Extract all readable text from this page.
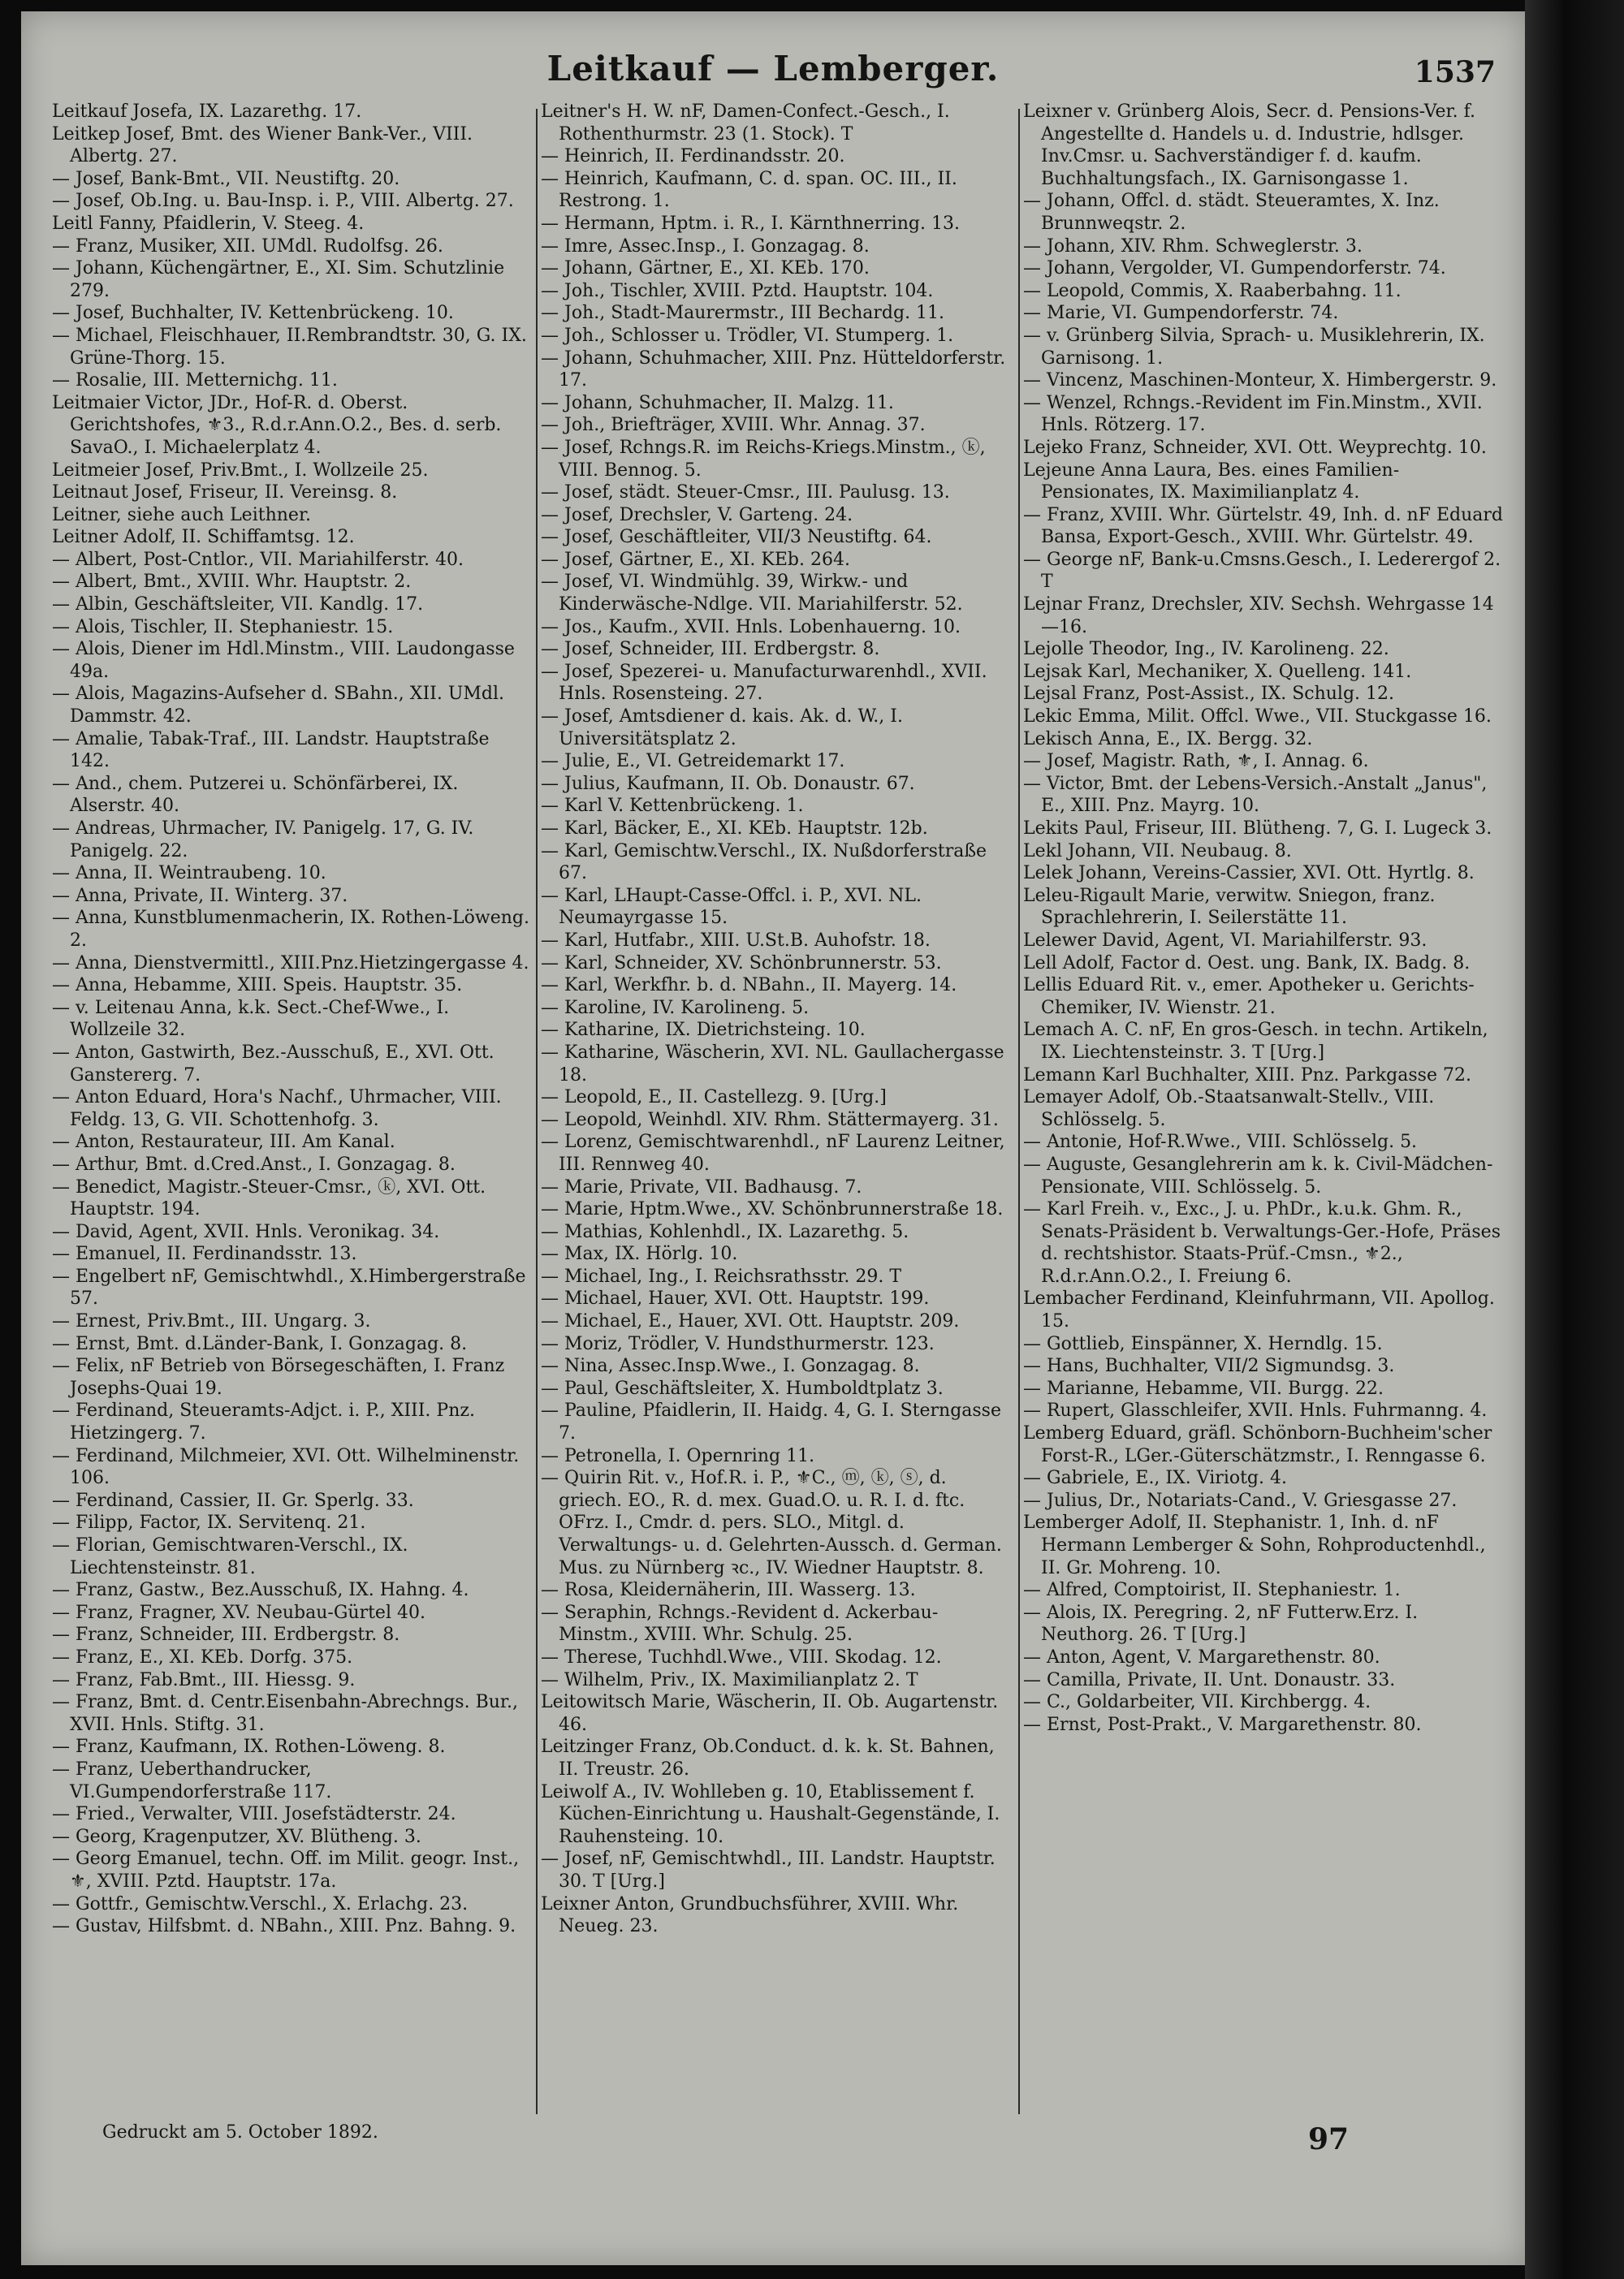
Leitkauf — Lemberger.	1537

Leitkauf Josefa, IX. Lazarethg. 17.

Leitkep Josef, Bmt. des Wiener Bank-Ver., VIII. Albertg. 27.

— Josef, Bank-Bmt., VII. Neustiftg. 20.

— Josef, Ob.Ing. u. Bau-Insp. i. P., VIII. Albertg. 27.

Leitl Fanny, Pfaidlerin, V. Steeg. 4.

— Franz, Musiker, XII. UMdl. Rudolfsg. 26.

— Johann, Küchengärtner, E., XI. Sim. Schutzlinie 279.

— Josef, Buchhalter, IV. Kettenbrückeng. 10.

— Michael, Fleischhauer, II.Rembrandtstr. 30, G. IX. Grüne-Thorg. 15.

— Rosalie, III. Metternichg. 11.

Leitmaier Victor, JDr., Hof-R. d. Oberst. Gerichtshofes, ⚜3., R.d.r.Ann.O.2., Bes. d. serb. SavaO., I. Michaelerplatz 4.

Leitmeier Josef, Priv.Bmt., I. Wollzeile 25.

Leitnaut Josef, Friseur, II. Vereinsg. 8.

Leitner, siehe auch Leithner.

Leitner Adolf, II. Schiffamtsg. 12.

— Albert, Post-Cntlor., VII. Mariahilferstr. 40.

— Albert, Bmt., XVIII. Whr. Hauptstr. 2.

— Albin, Geschäftsleiter, VII. Kandlg. 17.

— Alois, Tischler, II. Stephaniestr. 15.

— Alois, Diener im Hdl.Minstm., VIII. Laudongasse 49a.

— Alois, Magazins-Aufseher d. SBahn., XII. UMdl. Dammstr. 42.

— Amalie, Tabak-Traf., III. Landstr. Hauptstraße 142.

— And., chem. Putzerei u. Schönfärberei, IX. Alserstr. 40.

— Andreas, Uhrmacher, IV. Panigelg. 17, G. IV. Panigelg. 22.

— Anna, II. Weintraubeng. 10.

— Anna, Private, II. Winterg. 37.

— Anna, Kunstblumenmacherin, IX. Rothen-Löweng. 2.

— Anna, Dienstvermittl., XIII.Pnz.Hietzingergasse 4.

— Anna, Hebamme, XIII. Speis. Hauptstr. 35.

— v. Leitenau Anna, k.k. Sect.-Chef-Wwe., I. Wollzeile 32.

— Anton, Gastwirth, Bez.-Ausschuß, E., XVI. Ott. Ganstererg. 7.

— Anton Eduard, Hora's Nachf., Uhrmacher, VIII. Feldg. 13, G. VII. Schottenhofg. 3.

— Anton, Restaurateur, III. Am Kanal.

— Arthur, Bmt. d.Cred.Anst., I. Gonzagag. 8.

— Benedict, Magistr.-Steuer-Cmsr., ⓚ, XVI. Ott. Hauptstr. 194.

— David, Agent, XVII. Hnls. Veronikag. 34.

— Emanuel, II. Ferdinandsstr. 13.

— Engelbert nF, Gemischtwhdl., X.Himbergerstraße 57.

— Ernest, Priv.Bmt., III. Ungarg. 3.

— Ernst, Bmt. d.Länder-Bank, I. Gonzagag. 8.

— Felix, nF Betrieb von Börsegeschäften, I. Franz Josephs-Quai 19.

— Ferdinand, Steueramts-Adjct. i. P., XIII. Pnz. Hietzingerg. 7.

— Ferdinand, Milchmeier, XVI. Ott. Wilhelminenstr. 106.

— Ferdinand, Cassier, II. Gr. Sperlg. 33.

— Filipp, Factor, IX. Servitenq. 21.

— Florian, Gemischtwaren-Verschl., IX. Liechtensteinstr. 81.

— Franz, Gastw., Bez.Ausschuß, IX. Hahng. 4.

— Franz, Fragner, XV. Neubau-Gürtel 40.

— Franz, Schneider, III. Erdbergstr. 8.

— Franz, E., XI. KEb. Dorfg. 375.

— Franz, Fab.Bmt., III. Hiessg. 9.

— Franz, Bmt. d. Centr.Eisenbahn-Abrechngs. Bur., XVII. Hnls. Stiftg. 31.

— Franz, Kaufmann, IX. Rothen-Löweng. 8.

— Franz, Ueberthandrucker, VI.Gumpendorferstraße 117.

— Fried., Verwalter, VIII. Josefstädterstr. 24.

— Georg, Kragenputzer, XV. Blütheng. 3.

— Georg Emanuel, techn. Off. im Milit. geogr. Inst., ⚜, XVIII. Pztd. Hauptstr. 17a.

— Gottfr., Gemischtw.Verschl., X. Erlachg. 23.

— Gustav, Hilfsbmt. d. NBahn., XIII. Pnz. Bahng. 9.

Leitner's H. W. nF, Damen-Confect.-Gesch., I. Rothenthurmstr. 23 (1. Stock). T

— Heinrich, II. Ferdinandsstr. 20.

— Heinrich, Kaufmann, C. d. span. OC. III., II. Restrong. 1.

— Hermann, Hptm. i. R., I. Kärnthnerring. 13.

— Imre, Assec.Insp., I. Gonzagag. 8.

— Johann, Gärtner, E., XI. KEb. 170.

— Joh., Tischler, XVIII. Pztd. Hauptstr. 104.

— Joh., Stadt-Maurermstr., III Bechardg. 11.

— Joh., Schlosser u. Trödler, VI. Stumperg. 1.

— Johann, Schuhmacher, XIII. Pnz. Hütteldorferstr. 17.

— Johann, Schuhmacher, II. Malzg. 11.

— Joh., Briefträger, XVIII. Whr. Annag. 37.

— Josef, Rchngs.R. im Reichs-Kriegs.Minstm., ⓚ, VIII. Bennog. 5.

— Josef, städt. Steuer-Cmsr., III. Paulusg. 13.

— Josef, Drechsler, V. Garteng. 24.

— Josef, Geschäftleiter, VII/3 Neustiftg. 64.

— Josef, Gärtner, E., XI. KEb. 264.

— Josef, VI. Windmühlg. 39, Wirkw.- und Kinderwäsche-Ndlge. VII. Mariahilferstr. 52.

— Jos., Kaufm., XVII. Hnls. Lobenhauerng. 10.

— Josef, Schneider, III. Erdbergstr. 8.

— Josef, Spezerei- u. Manufacturwarenhdl., XVII. Hnls. Rosensteing. 27.

— Josef, Amtsdiener d. kais. Ak. d. W., I. Universitätsplatz 2.

— Julie, E., VI. Getreidemarkt 17.

— Julius, Kaufmann, II. Ob. Donaustr. 67.

— Karl V. Kettenbrückeng. 1.

— Karl, Bäcker, E., XI. KEb. Hauptstr. 12b.

— Karl, Gemischtw.Verschl., IX. Nußdorferstraße 67.

— Karl, LHaupt-Casse-Offcl. i. P., XVI. NL. Neumayrgasse 15.

— Karl, Hutfabr., XIII. U.St.B. Auhofstr. 18.

— Karl, Schneider, XV. Schönbrunnerstr. 53.

— Karl, Werkfhr. b. d. NBahn., II. Mayerg. 14.

— Karoline, IV. Karolineng. 5.

— Katharine, IX. Dietrichsteing. 10.

— Katharine, Wäscherin, XVI. NL. Gaullachergasse 18.

— Leopold, E., II. Castellezg. 9. [Urg.]

— Leopold, Weinhdl. XIV. Rhm. Stättermayerg. 31.

— Lorenz, Gemischtwarenhdl., nF Laurenz Leitner, III. Rennweg 40.

— Marie, Private, VII. Badhausg. 7.

— Marie, Hptm.Wwe., XV. Schönbrunnerstraße 18.

— Mathias, Kohlenhdl., IX. Lazarethg. 5.

— Max, IX. Hörlg. 10.

— Michael, Ing., I. Reichsrathsstr. 29. T

— Michael, Hauer, XVI. Ott. Hauptstr. 199.

— Michael, E., Hauer, XVI. Ott. Hauptstr. 209.

— Moriz, Trödler, V. Hundsthurmerstr. 123.

— Nina, Assec.Insp.Wwe., I. Gonzagag. 8.

— Paul, Geschäftsleiter, X. Humboldtplatz 3.

— Pauline, Pfaidlerin, II. Haidg. 4, G. I. Sterngasse 7.

— Petronella, I. Opernring 11.

— Quirin Rit. v., Hof.R. i. P., ⚜C., ⓜ, ⓚ, ⓢ, d. griech. EO., R. d. mex. Guad.O. u. R. I. d. ftc. OFrz. I., Cmdr. d. pers. SLO., Mitgl. d. Verwaltungs- u. d. Gelehrten-Aussch. d. German. Mus. zu Nürnberg ꝛc., IV. Wiedner Hauptstr. 8.

— Rosa, Kleidernäherin, III. Wasserg. 13.

— Seraphin, Rchngs.-Revident d. Ackerbau-Minstm., XVIII. Whr. Schulg. 25.

— Therese, Tuchhdl.Wwe., VIII. Skodag. 12.

— Wilhelm, Priv., IX. Maximilianplatz 2. T

Leitowitsch Marie, Wäscherin, II. Ob. Augartenstr. 46.

Leitzinger Franz, Ob.Conduct. d. k. k. St. Bahnen, II. Treustr. 26.

Leiwolf A., IV. Wohlleben g. 10, Etablissement f. Küchen-Einrichtung u. Haushalt-Gegenstände, I. Rauhensteing. 10.

— Josef, nF, Gemischtwhdl., III. Landstr. Hauptstr. 30. T [Urg.]

Leixner Anton, Grundbuchsführer, XVIII. Whr. Neueg. 23.

Leixner v. Grünberg Alois, Secr. d. Pensions-Ver. f. Angestellte d. Handels u. d. Industrie, hdlsger. Inv.Cmsr. u. Sachverständiger f. d. kaufm. Buchhaltungsfach., IX. Garnisongasse 1.

— Johann, Offcl. d. städt. Steueramtes, X. Inz. Brunnweqstr. 2.

— Johann, XIV. Rhm. Schweglerstr. 3.

— Johann, Vergolder, VI. Gumpendorferstr. 74.

— Leopold, Commis, X. Raaberbahng. 11.

— Marie, VI. Gumpendorferstr. 74.

— v. Grünberg Silvia, Sprach- u. Musiklehrerin, IX. Garnisong. 1.

— Vincenz, Maschinen-Monteur, X. Himbergerstr. 9.

— Wenzel, Rchngs.-Revident im Fin.Minstm., XVII. Hnls. Rötzerg. 17.

Lejeko Franz, Schneider, XVI. Ott. Weyprechtg. 10.

Lejeune Anna Laura, Bes. eines Familien-Pensionates, IX. Maximilianplatz 4.

— Franz, XVIII. Whr. Gürtelstr. 49, Inh. d. nF Eduard Bansa, Export-Gesch., XVIII. Whr. Gürtelstr. 49.

— George nF, Bank-u.Cmsns.Gesch., I. Lederergof 2. T

Lejnar Franz, Drechsler, XIV. Sechsh. Wehrgasse 14—16.

Lejolle Theodor, Ing., IV. Karolineng. 22.

Lejsak Karl, Mechaniker, X. Quelleng. 141.

Lejsal Franz, Post-Assist., IX. Schulg. 12.

Lekic Emma, Milit. Offcl. Wwe., VII. Stuckgasse 16.

Lekisch Anna, E., IX. Bergg. 32.

— Josef, Magistr. Rath, ⚜, I. Annag. 6.

— Victor, Bmt. der Lebens-Versich.-Anstalt „Janus", E., XIII. Pnz. Mayrg. 10.

Lekits Paul, Friseur, III. Blütheng. 7, G. I. Lugeck 3.

Lekl Johann, VII. Neubaug. 8.

Lelek Johann, Vereins-Cassier, XVI. Ott. Hyrtlg. 8.

Leleu-Rigault Marie, verwitw. Sniegon, franz. Sprachlehrerin, I. Seilerstätte 11.

Lelewer David, Agent, VI. Mariahilferstr. 93.

Lell Adolf, Factor d. Oest. ung. Bank, IX. Badg. 8.

Lellis Eduard Rit. v., emer. Apotheker u. Gerichts-Chemiker, IV. Wienstr. 21.

Lemach A. C. nF, En gros-Gesch. in techn. Artikeln, IX. Liechtensteinstr. 3. T [Urg.]

Lemann Karl Buchhalter, XIII. Pnz. Parkgasse 72.

Lemayer Adolf, Ob.-Staatsanwalt-Stellv., VIII. Schlösselg. 5.

— Antonie, Hof-R.Wwe., VIII. Schlösselg. 5.

— Auguste, Gesanglehrerin am k. k. Civil-Mädchen-Pensionate, VIII. Schlösselg. 5.

— Karl Freih. v., Exc., J. u. PhDr., k.u.k. Ghm. R., Senats-Präsident b. Verwaltungs-Ger.-Hofe, Präses d. rechtshistor. Staats-Prüf.-Cmsn., ⚜2., R.d.r.Ann.O.2., I. Freiung 6.

Lembacher Ferdinand, Kleinfuhrmann, VII. Apollog. 15.

— Gottlieb, Einspänner, X. Herndlg. 15.

— Hans, Buchhalter, VII/2 Sigmundsg. 3.

— Marianne, Hebamme, VII. Burgg. 22.

— Rupert, Glasschleifer, XVII. Hnls. Fuhrmanng. 4.

Lemberg Eduard, gräfl. Schönborn-Buchheim'scher Forst-R., LGer.-Güterschätzmstr., I. Renngasse 6.

— Gabriele, E., IX. Viriotg. 4.

— Julius, Dr., Notariats-Cand., V. Griesgasse 27.

Lemberger Adolf, II. Stephanistr. 1, Inh. d. nF Hermann Lemberger & Sohn, Rohproductenhdl., II. Gr. Mohreng. 10.

— Alfred, Comptoirist, II. Stephaniestr. 1.

— Alois, IX. Peregring. 2, nF Futterw.Erz. I. Neuthorg. 26. T [Urg.]

— Anton, Agent, V. Margarethenstr. 80.

— Camilla, Private, II. Unt. Donaustr. 33.

— C., Goldarbeiter, VII. Kirchbergg. 4.

— Ernst, Post-Prakt., V. Margarethenstr. 80.

Gedruckt am 5. October 1892.	97
